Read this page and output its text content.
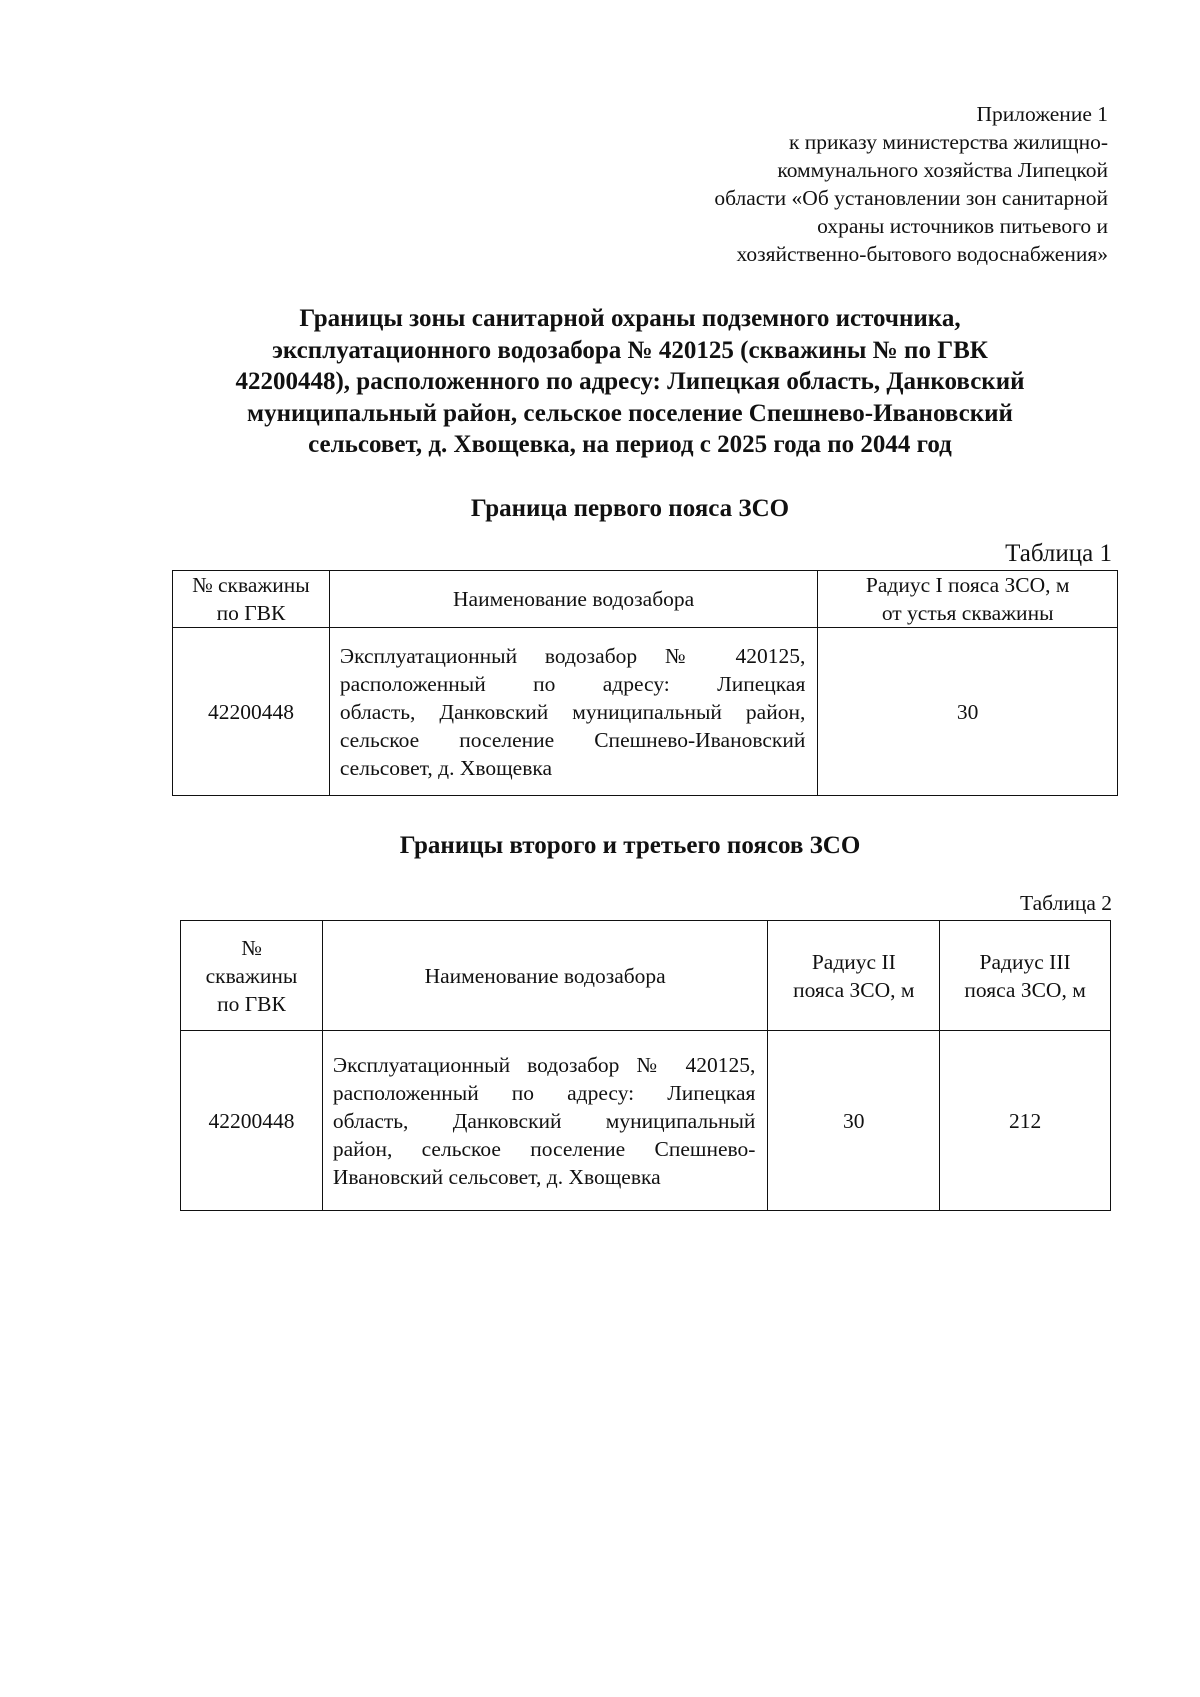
Приложение 1
к приказу министерства жилищно-
коммунального хозяйства Липецкой
области «Об установлении зон санитарной
охраны источников питьевого и
хозяйственно-бытового водоснабжения»
Границы зоны санитарной охраны подземного источника,
эксплуатационного водозабора № 420125 (скважины № по ГВК
42200448), расположенного по адресу: Липецкая область, Данковский
муниципальный район, сельское поселение Спешнево-Ивановский
сельсовет, д. Хвощевка, на период с 2025 года по 2044 год
Граница первого пояса ЗСО
Таблица 1
№ скважины
по ГВК	Наименование водозабора	Радиус I пояса ЗСО, м
от устья скважины

42200448	Эксплуатационный водозабор № 420125,
расположенный по адресу: Липецкая
область, Данковский муниципальный район,
сельское поселение Спешнево-Ивановский
сельсовет, д. Хвощевка	30
Границы второго и третьего поясов ЗСО
Таблица 2
№
скважины
по ГВК	Наименование водозабора	Радиус II
пояса ЗСО, м	Радиус III
пояса ЗСО, м

42200448	Эксплуатационный водозабор № 420125,
расположенный по адресу: Липецкая
область, Данковский муниципальный
район, сельское поселение Спешнево-
Ивановский сельсовет, д. Хвощевка	30	212
